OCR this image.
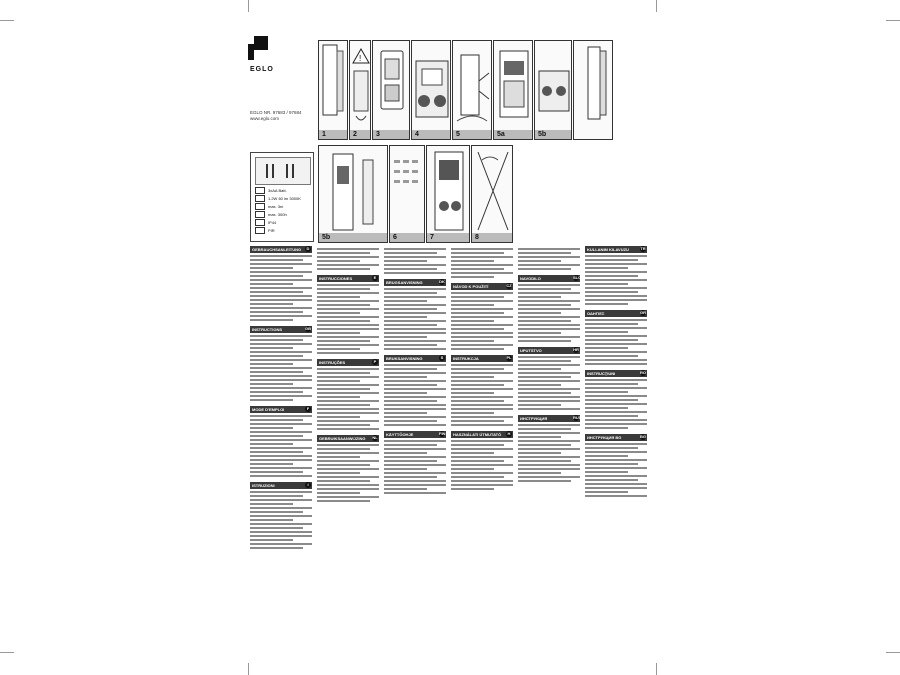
EGLO
EGLO NR. 97683 / 97684
www.eglo.com
3xAA Batt.
1.2W 60 lm 3000K
max. 3m
max. 300h
IP44
PIR
1
!
2	3	4	5	5a	5b
5b	6	7	8
GEBRAUCHSANLEITUNG	D
INSTRUCTIONS	GB
MODE D'EMPLOI	F
ISTRUZIONI	I
INSTRUCCIONES	E
INSTRUÇÕES	P
GEBRUIKSAANWIJZING NL
BRUGSANVISNING	DK
BRUKSANVISNING	S
KÄYTTÖOHJE	FIN
NÁVOD K POUŽITÍ	CZ
INSTRUKCJA	PL
HASZNÁLATI ÚTMUTATÓ	H
NAVODILO	SLO
UPUTSTVO	HR
ИНСТРУКЦИЯ	RUS
KULLANIM KILAVUZU	TR
ΟΔΗΓΙΕΣ	GR
INSTRUCŢIUNI	RO
ИНСТРУКЦИЯ BG	BG
